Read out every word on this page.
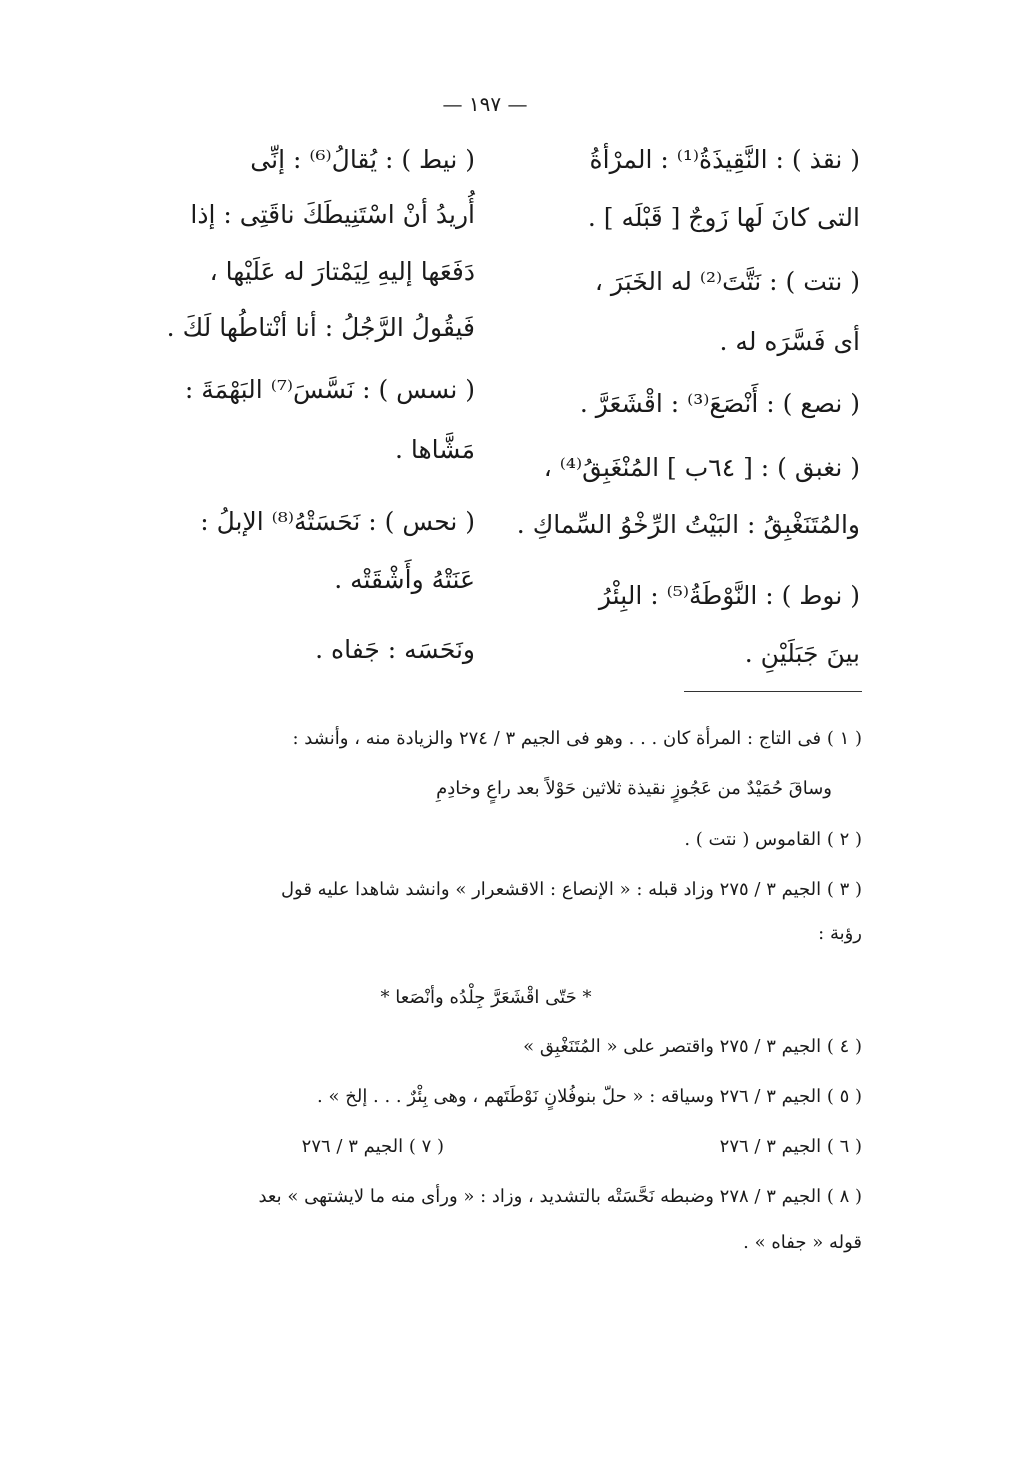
— ١٩٧ —
( نقذ ) : النَّقِيذَةُ⁽¹⁾ : المرْأةُ
التى كانَ لَها زَوجٌ [ قَبْلَه ] .
( نتت ) : نَتَّتَ⁽²⁾ له الخَبَرَ ،
أى فَسَّرَه له .
( نصع ) : أَنْصَعَ⁽³⁾ : اقْشَعَرَّ .
( نغبق ) : [ ٦٤ب ] المُنْغَبِقُ⁽⁴⁾ ،
والمُتَنَغْبِقُ : البَيْتُ الرِّخْوُ السِّماكِ .
( نوط ) : النَّوْطَةُ⁽⁵⁾ : البِئْرُ
بينَ جَبَلَيْنِ .
( نيط ) : يُقالُ⁽⁶⁾ : إنِّى
أُريدُ أنْ اسْتَنِيطَكَ ناقَتِى : إذا
دَفَعَها إليهِ لِيَمْتارَ له عَلَيْها ،
فَيقُولُ الرَّجُلُ : أنا أنْتاطُها لَكَ .
( نسس ) : نَسَّسَ⁽⁷⁾ البَهْمَةَ :
مَشَّاها .
( نحس ) : نَحَسَتْهُ⁽⁸⁾ الإبلُ :
عَنَتْهُ وأَشْقَتْه .
ونَحَسَه : جَفاه .
( ١ ) فى التاج : المرأة كان . . . وهو فى الجيم ٣ / ٢٧٤ والزيادة منه ، وأنشد :
وساقَ حُمَيْدٌ من عَجُوزٍ نقيذة ثلاثين حَوْلاً بعد راعٍ وخادِمِ
( ٢ ) القاموس ( نتت ) .
( ٣ ) الجيم ٣ / ٢٧٥ وزاد قبله : « الإنصاع : الاقشعرار » وانشد شاهدا عليه قول
رؤبة :
* حَتّى اقْشَعَرَّ جِلْدُه وأنْصَعا *
( ٤ ) الجيم ٣ / ٢٧٥ واقتصر على « المُتَنَغْبِق »
( ٥ ) الجيم ٣ / ٢٧٦ وسياقه : « حلّ بنوفُلانٍ نَوْطَتَهم ، وهى بِئْرٌ . . . إلخ » .
( ٦ ) الجيم ٣ / ٢٧٦
( ٧ ) الجيم ٣ / ٢٧٦
( ٨ ) الجيم ٣ / ٢٧٨ وضبطه نَحَّسَتْه بالتشديد ، وزاد : « ورأى منه ما لايشتهى » بعد
قوله « جفاه » .
